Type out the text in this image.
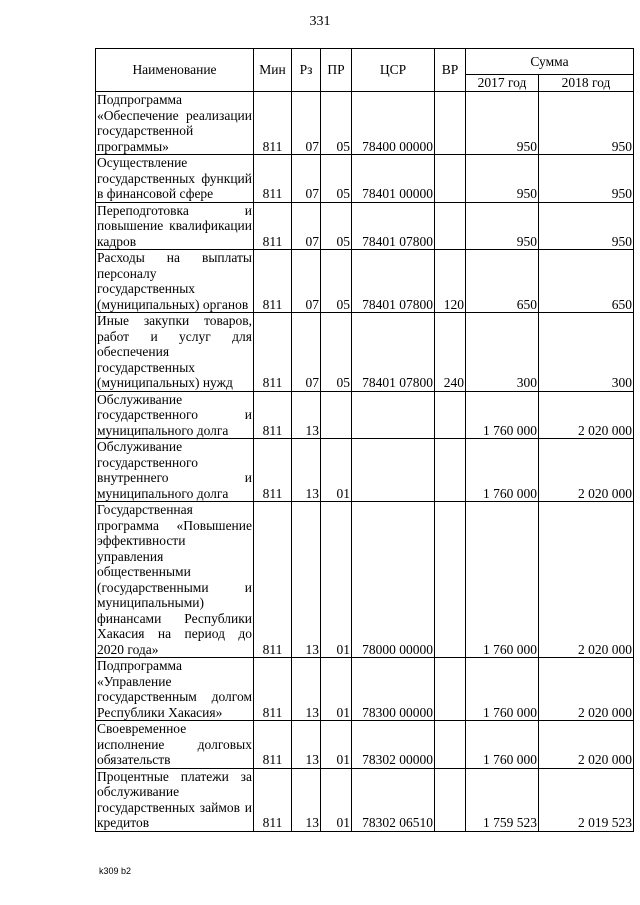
331
Наименование	Мин	Рз	ПР	ЦСР	ВР	Сумма	
						2017 год	2018 год
Подпрограмма «Обеспечение реализации государственной программы»	811	07	05	78400 00000		950	950
Осуществление государственных функций в финансовой сфере	811	07	05	78401 00000		950	950
Переподготовка и повышение квалификации кадров	811	07	05	78401 07800		950	950
Расходы на выплаты персоналу государственных (муниципальных) органов	811	07	05	78401 07800	120	650	650
Иные закупки товаров, работ и услуг для обеспечения государственных (муниципальных) нужд	811	07	05	78401 07800	240	300	300
Обслуживание государственного и муниципального долга	811	13				1 760 000	2 020 000
Обслуживание государственного внутреннего и муниципального долга	811	13	01			1 760 000	2 020 000
Государственная программа «Повышение эффективности управления общественными (государственными и муниципальными) финансами Республики Хакасия на период до 2020 года»	811	13	01	78000 00000		1 760 000	2 020 000
Подпрограмма «Управление государственным долгом Республики Хакасия»	811	13	01	78300 00000		1 760 000	2 020 000
Своевременное исполнение долговых обязательств	811	13	01	78302 00000		1 760 000	2 020 000
Процентные платежи за обслуживание государственных займов и кредитов	811	13	01	78302 06510		1 759 523	2 019 523
k309 b2
